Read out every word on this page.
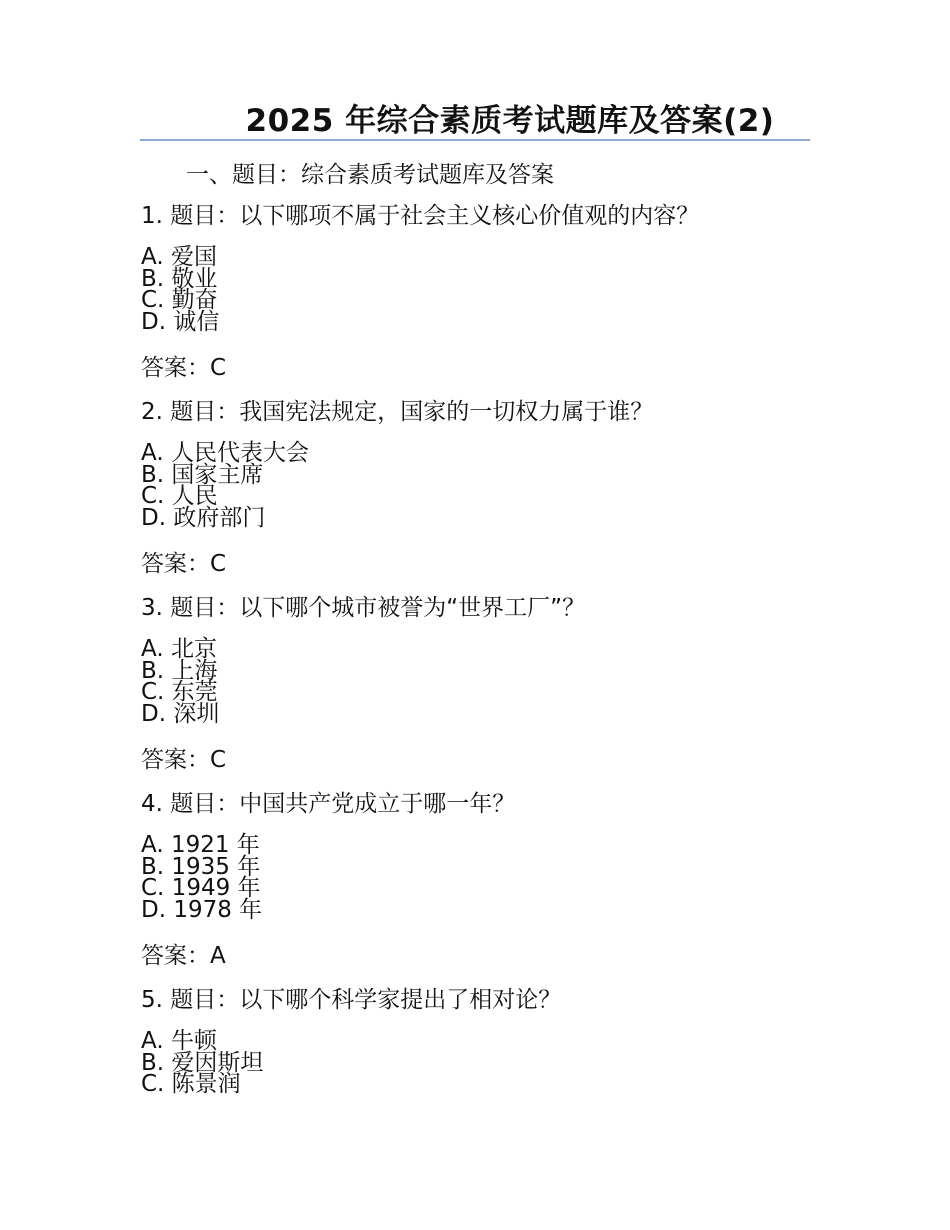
2025 年综合素质考试题库及答案(2)
一、题目：综合素质考试题库及答案
1. 题目：以下哪项不属于社会主义核心价值观的内容？
A. 爱国
B. 敬业
C. 勤奋
D. 诚信
答案：C
2. 题目：我国宪法规定，国家的一切权力属于谁？
A. 人民代表大会
B. 国家主席
C. 人民
D. 政府部门
答案：C
3. 题目：以下哪个城市被誉为“世界工厂”？
A. 北京
B. 上海
C. 东莞
D. 深圳
答案：C
4. 题目：中国共产党成立于哪一年？
A. 1921 年
B. 1935 年
C. 1949 年
D. 1978 年
答案：A
5. 题目：以下哪个科学家提出了相对论？
A. 牛顿
B. 爱因斯坦
C. 陈景润
